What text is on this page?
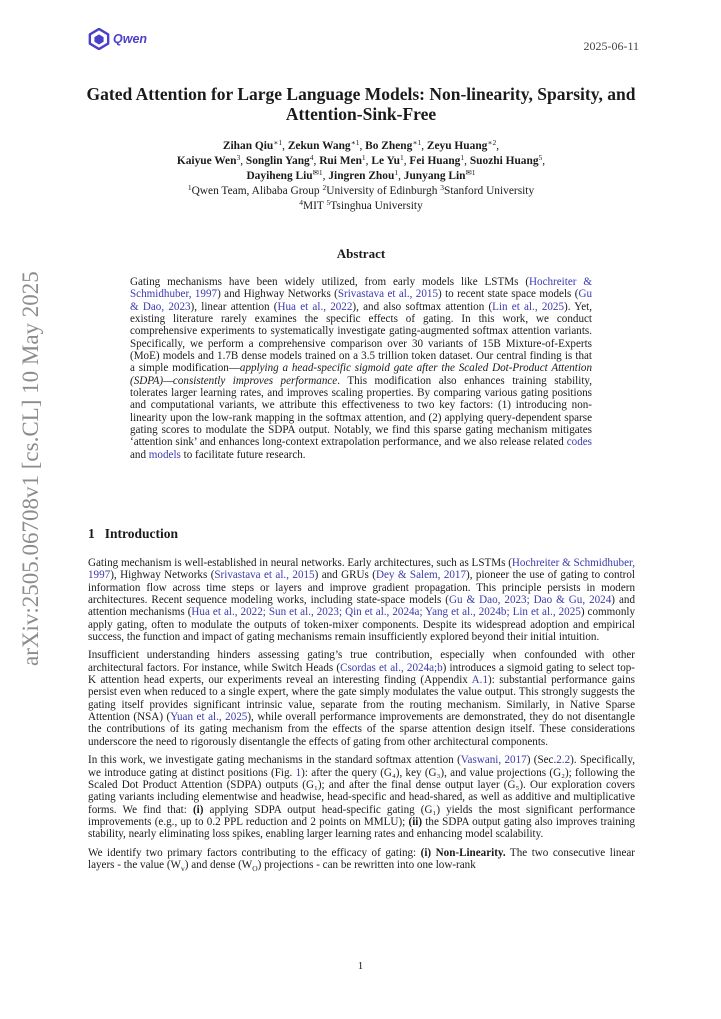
Qwen	2025-06-11
arXiv:2505.06708v1 [cs.CL] 10 May 2025
Gated Attention for Large Language Models: Non-linearity, Sparsity, and Attention-Sink-Free
Zihan Qiu$^{∗1}$, Zekun Wang$^{∗1}$, Bo Zheng$^{∗1}$, Zeyu Huang$^{∗2}$,
Kaiyue Wen$^3$, Songlin Yang$^4$, Rui Men$^1$, Le Yu$^1$, Fei Huang$^1$, Suozhi Huang$^5$,
Dayiheng Liu$^{✉1}$, Jingren Zhou$^1$, Junyang Lin$^{✉1}$
$^1$Qwen Team, Alibaba Group $^2$University of Edinburgh $^3$Stanford University
$^4$MIT $^5$Tsinghua University
Abstract
Gating mechanisms have been widely utilized, from early models like LSTMs (Hochreiter & Schmidhuber, 1997) and Highway Networks (Srivastava et al., 2015) to recent state space models (Gu & Dao, 2023), linear attention (Hua et al., 2022), and also softmax attention (Lin et al., 2025). Yet, existing literature rarely examines the specific effects of gating. In this work, we conduct comprehensive experiments to systematically investigate gating-augmented softmax attention variants. Specifically, we perform a comprehensive comparison over 30 variants of 15B Mixture-of-Experts (MoE) models and 1.7B dense models trained on a 3.5 trillion token dataset. Our central finding is that a simple modification—applying a head-specific sigmoid gate after the Scaled Dot-Product Attention (SDPA)—consistently improves performance. This modification also enhances training stability, tolerates larger learning rates, and improves scaling properties. By comparing various gating positions and computational variants, we attribute this effectiveness to two key factors: (1) introducing non-linearity upon the low-rank mapping in the softmax attention, and (2) applying query-dependent sparse gating scores to modulate the SDPA output. Notably, we find this sparse gating mechanism mitigates ‘attention sink’ and enhances long-context extrapolation performance, and we also release related codes and models to facilitate future research.
1 Introduction

Gating mechanism is well-established in neural networks. Early architectures, such as LSTMs (Hochreiter & Schmidhuber, 1997), Highway Networks (Srivastava et al., 2015) and GRUs (Dey & Salem, 2017), pioneer the use of gating to control information flow across time steps or layers and improve gradient propagation. This principle persists in modern architectures. Recent sequence modeling works, including state-space models (Gu & Dao, 2023; Dao & Gu, 2024) and attention mechanisms (Hua et al., 2022; Sun et al., 2023; Qin et al., 2024a; Yang et al., 2024b; Lin et al., 2025) commonly apply gating, often to modulate the outputs of token-mixer components. Despite its widespread adoption and empirical success, the function and impact of gating mechanisms remain insufficiently explored beyond their initial intuition.

Insufficient understanding hinders assessing gating’s true contribution, especially when confounded with other architectural factors. For instance, while Switch Heads (Csordas et al., 2024a;b) introduces a sigmoid gating to select top-K attention head experts, our experiments reveal an interesting finding (Appendix A.1): substantial performance gains persist even when reduced to a single expert, where the gate simply modulates the value output. This strongly suggests the gating itself provides significant intrinsic value, separate from the routing mechanism. Similarly, in Native Sparse Attention (NSA) (Yuan et al., 2025), while overall performance improvements are demonstrated, they do not disentangle the contributions of its gating mechanism from the effects of the sparse attention design itself. These considerations underscore the need to rigorously disentangle the effects of gating from other architectural components.

In this work, we investigate gating mechanisms in the standard softmax attention (Vaswani, 2017) (Sec.2.2). Specifically, we introduce gating at distinct positions (Fig. 1): after the query (G₄), key (G₃), and value projections (G₂); following the Scaled Dot Product Attention (SDPA) outputs (G₁); and after the final dense output layer (G₅). Our exploration covers gating variants including elementwise and headwise, head-specific and head-shared, as well as additive and multiplicative forms. We find that: (i) applying SDPA output head-specific gating (G₁) yields the most significant performance improvements (e.g., up to 0.2 PPL reduction and 2 points on MMLU); (ii) the SDPA output gating also improves training stability, nearly eliminating loss spikes, enabling larger learning rates and enhancing model scalability.

We identify two primary factors contributing to the efficacy of gating: (i) Non-Linearity. The two consecutive linear layers - the value $(W_v)$ and dense $(W_O)$ projections - can be rewritten into one low-rank

1
